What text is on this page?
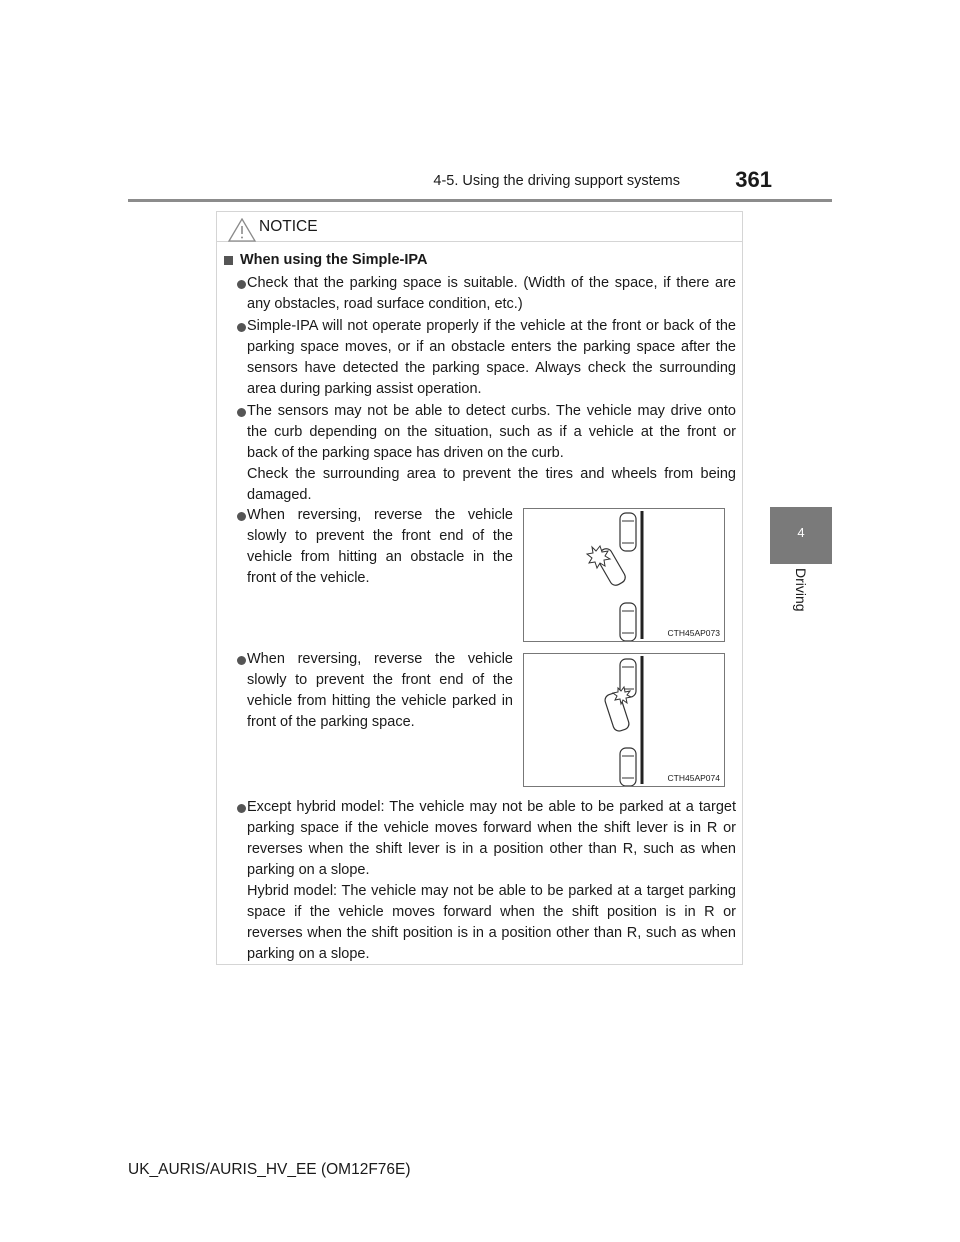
4-5. Using the driving support systems	361
4
Driving
NOTICE
When using the Simple-IPA
Check that the parking space is suitable. (Width of the space, if there are
any obstacles, road surface condition, etc.)
Simple-IPA will not operate properly if the vehicle at the front or back of the
parking space moves, or if an obstacle enters the parking space after the
sensors have detected the parking space. Always check the surrounding
area during parking assist operation.
The sensors may not be able to detect curbs. The vehicle may drive onto
the curb depending on the situation, such as if a vehicle at the front or
back of the parking space has driven on the curb.
Check the surrounding area to prevent the tires and wheels from being
damaged.
When reversing, reverse the vehicle
slowly to prevent the front end of the
vehicle from hitting an obstacle in the
front of the vehicle.
CTH45AP073
When reversing, reverse the vehicle
slowly to prevent the front end of the
vehicle from hitting the vehicle parked in
front of the parking space.
CTH45AP074
Except hybrid model: The vehicle may not be able to be parked at a target
parking space if the vehicle moves forward when the shift lever is in R or
reverses when the shift lever is in a position other than R, such as when
parking on a slope.
Hybrid model: The vehicle may not be able to be parked at a target parking
space if the vehicle moves forward when the shift position is in R or
reverses when the shift position is in a position other than R, such as when
parking on a slope.
UK_AURIS/AURIS_HV_EE (OM12F76E)
